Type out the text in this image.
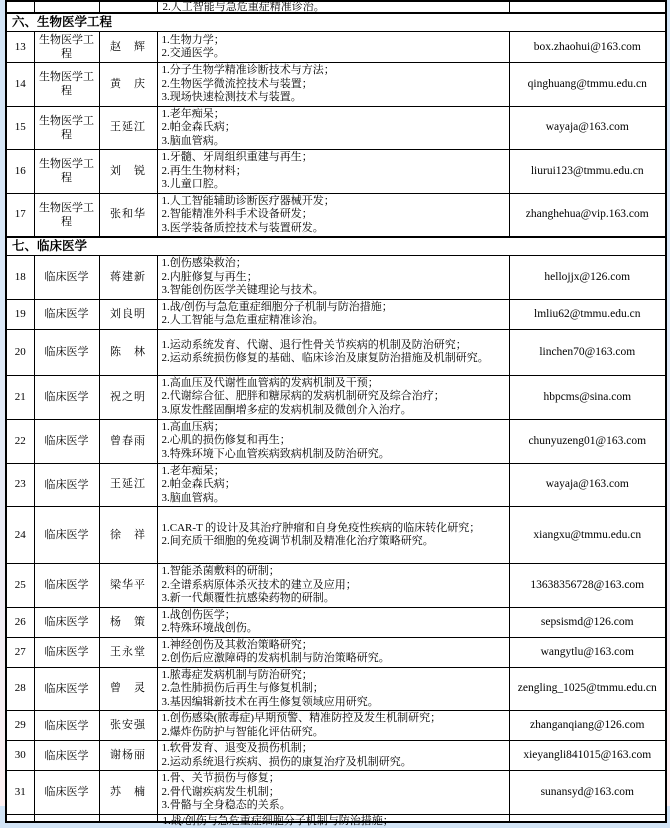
			2.人工智能与急危重症精准诊治。	

六、生物医学工程				
13	生物医学工程	赵　辉	1.生物力学；
2.交通医学。	box.zhaohui@163.com
14	生物医学工程	黄　庆	1.分子生物学精准诊断技术与方法；
2.生物医学微流控技术与装置；
3.现场快速检测技术与装置。	qinghuang@tmmu.edu.cn
15	生物医学工程	王延江	1.老年痴呆；
2.帕金森氏病；
3.脑血管病。	wayaja@163.com
16	生物医学工程	刘　锐	1.牙髓、牙周组织重建与再生；
2.再生生物材料；
3.儿童口腔。	liurui123@tmmu.edu.cn
17	生物医学工程	张和华	1.人工智能辅助诊断医疗器械开发；
2.智能精准外科手术设备研发；
3.医学装备质控技术与装置研发。	zhanghehua@vip.163.com
七、临床医学				
18	临床医学	蒋建新	1.创伤感染救治；
2.内脏修复与再生；
3.智能创伤医学关键理论与技术。	hellojjx@126.com
19	临床医学	刘良明	1.战/创伤与急危重症细胞分子机制与防治措施；
2.人工智能与急危重症精准诊治。	lmliu62@tmmu.edu.cn
20	临床医学	陈　林	1.运动系统发育、代谢、退行性骨关节疾病的机制及防治研究；
2.运动系统损伤修复的基础、临床诊治及康复防治措施及机制研究。	linchen70@163.com
21	临床医学	祝之明	1.高血压及代谢性血管病的发病机制及干预；
2.代谢综合征、肥胖和糖尿病的发病机制研究及综合治疗；
3.原发性醛固酮增多症的发病机制及微创介入治疗。	hbpcms@sina.com
22	临床医学	曾春雨	1.高血压病；
2.心肌的损伤修复和再生；
3.特殊环境下心血管疾病致病机制及防治研究。	chunyuzeng01@163.com
23	临床医学	王延江	1.老年痴呆；
2.帕金森氏病；
3.脑血管病。	wayaja@163.com
24	临床医学	徐　祥	1.CAR-T 的设计及其治疗肿瘤和自身免疫性疾病的临床转化研究；
2.间充质干细胞的免疫调节机制及精准化治疗策略研究。	xiangxu@tmmu.edu.cn
25	临床医学	梁华平	1.智能杀菌敷料的研制；
2.全谱系病原体杀灭技术的建立及应用；
3.新一代颠覆性抗感染药物的研制。	13638356728@163.com
26	临床医学	杨　策	1.战创伤医学；
2.特殊环境战创伤。	sepsismd@126.com
27	临床医学	王永堂	1.神经创伤及其救治策略研究；
2.创伤后应激障碍的发病机制与防治策略研究。	wangytlu@163.com
28	临床医学	曾　灵	1.脓毒症发病机制与防治研究；
2.急性肺损伤后再生与修复机制；
3.基因编辑新技术在再生修复领域应用研究。	zengling_1025@tmmu.edu.cn
29	临床医学	张安强	1.创伤感染(脓毒症)早期预警、精准防控及发生机制研究；
2.爆炸伤防护与智能化评估研究。	zhanganqiang@126.com
30	临床医学	谢杨丽	1.软骨发育、退变及损伤机制；
2.运动系统退行疾病、损伤的康复治疗及机制研究。	xieyangli841015@163.com
31	临床医学	苏　楠	1.骨、关节损伤与修复；
2.骨代谢疾病发生机制；
3.骨骼与全身稳态的关系。	sunansyd@163.com

			1.战/创伤与急危重症细胞分子机制与防治措施；	
